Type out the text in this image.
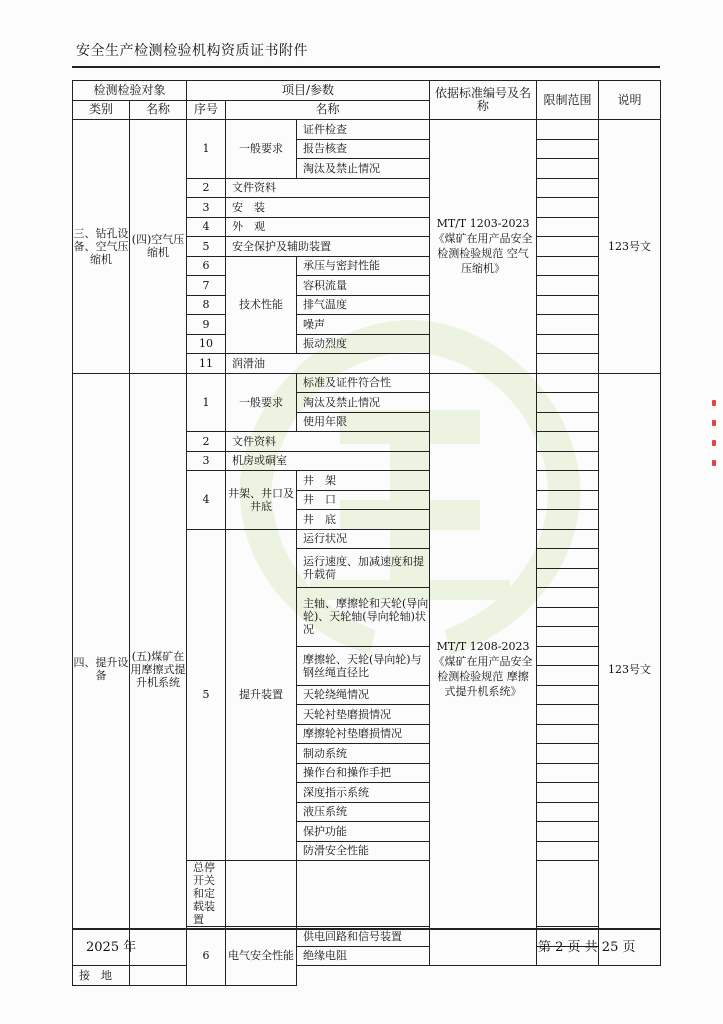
安全生产检测检验机构资质证书附件
检测检验对象		项目/参数			依据标准编号及名称	限制范围	说明
类别	名称	序号	名称				
三、钻孔设备、空气压缩机	(四)空气压缩机	1	一般要求	证件检查	MT/T 1203-2023《煤矿在用产品安全检测检验规范 空气压缩机》		123号文
				报告核查			
				淘汰及禁止情况			
		2	文件资料				
		3	安　装				
		4	外　观				
		5	安全保护及辅助装置				
		6	技术性能	承压与密封性能			
		7		容积流量			
		8		排气温度			
		9		噪声			
		10		振动烈度			
		11	润滑油				
四、提升设备	(五)煤矿在用摩擦式提升机系统	1	一般要求	标准及证件符合性	MT/T 1208-2023《煤矿在用产品安全检测检验规范 摩擦式提升机系统》		123号文
				淘汰及禁止情况			
				使用年限			
		2	文件资料				
		3	机房或硐室				
		4	井架、井口及井底	井　架			
				井　口			
				井　底			
		5	提升装置	运行状况			
				运行速度、加减速度和提升载荷			

				主轴、摩擦轮和天轮(导向轮)、天轮轴(导向轮轴)状况			

				摩擦轮、天轮(导向轮)与钢丝绳直径比			

				天轮绕绳情况			
				天轮衬垫磨损情况			
				摩擦轮衬垫磨损情况			
				制动系统			
				操作台和操作手把			
				深度指示系统			
				液压系统			
				保护功能			
				防滑安全性能			
		总停开关和定载装置					
		6	电气安全性能	供电回路和信号装置			
				绝缘电阻			
接　地							
2025 年	第 2 页 共 25 页
